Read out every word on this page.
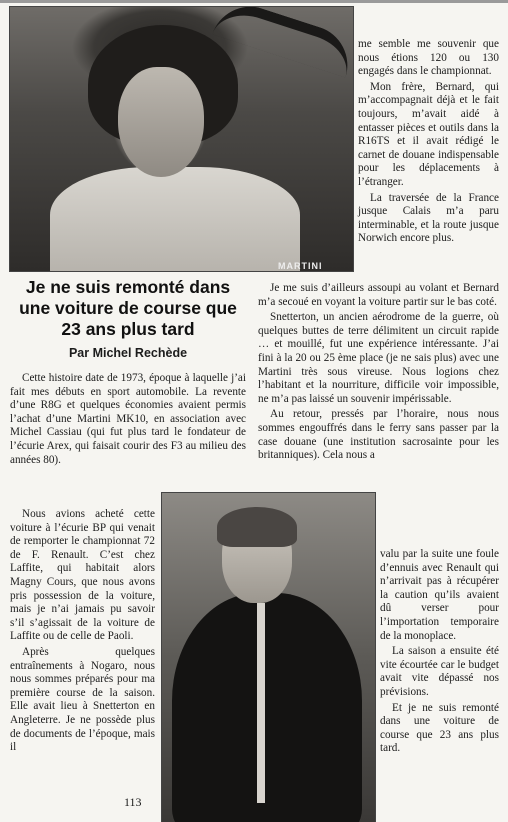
MARTINI

me semble me souvenir que nous étions 120 ou 130 engagés dans le championnat.

Mon frère, Bernard, qui m’accompagnait déjà et le fait toujours, m’avait aidé à entasser pièces et outils dans la R16TS et il avait rédigé le carnet de douane indispensable pour les déplacements à l’étranger.

La traversée de la France jusque Calais m’a paru interminable, et la route jusque Norwich encore plus.

Je ne suis remonté dans une voiture de course que 23 ans plus tard
Par Michel Rechède

Cette histoire date de 1973, époque à laquelle j’ai fait mes débuts en sport automobile. La revente d’une R8G et quelques économies avaient permis l’achat d’une Martini MK10, en association avec Michel Cassiau (qui fut plus tard le fondateur de l’écurie Arex, qui faisait courir des F3 au milieu des années 80).

Nous avions acheté cette voiture à l’écurie BP qui venait de remporter le championnat 72 de F. Renault. C’est chez Laffite, qui habitait alors Magny Cours, que nous avons pris possession de la voiture, mais je n’ai jamais pu savoir s’il s’agissait de la voiture de Laffite ou de celle de Paoli.

Après quelques entraînements à Nogaro, nous nous sommes préparés pour ma première course de la saison. Elle avait lieu à Snetterton en Angleterre. Je ne possède plus de documents de l’époque, mais il

Je me suis d’ailleurs assoupi au volant et Bernard m’a secoué en voyant la voiture partir sur le bas coté.

Snetterton, un ancien aérodrome de la guerre, où quelques buttes de terre délimitent un circuit rapide … et mouillé, fut une expérience intéressante. J’ai fini à la 20 ou 25 ème place (je ne sais plus) avec une Martini très sous vireuse. Nous logions chez l’habitant et la nourriture, difficile voir impossible, ne m’a pas laissé un souvenir impérissable.

Au retour, pressés par l’horaire, nous nous sommes engouffrés dans le ferry sans passer par la case douane (une institution sacrosainte pour les britanniques). Cela nous a

valu par la suite une foule d’ennuis avec Renault qui n’arrivait pas à récupérer la caution qu’ils avaient dû verser pour l’importation temporaire de la monoplace.

La saison a ensuite été vite écourtée car le budget avait vite dépassé nos prévisions.

Et je ne suis remonté dans une voiture de course que 23 ans plus tard.

113
